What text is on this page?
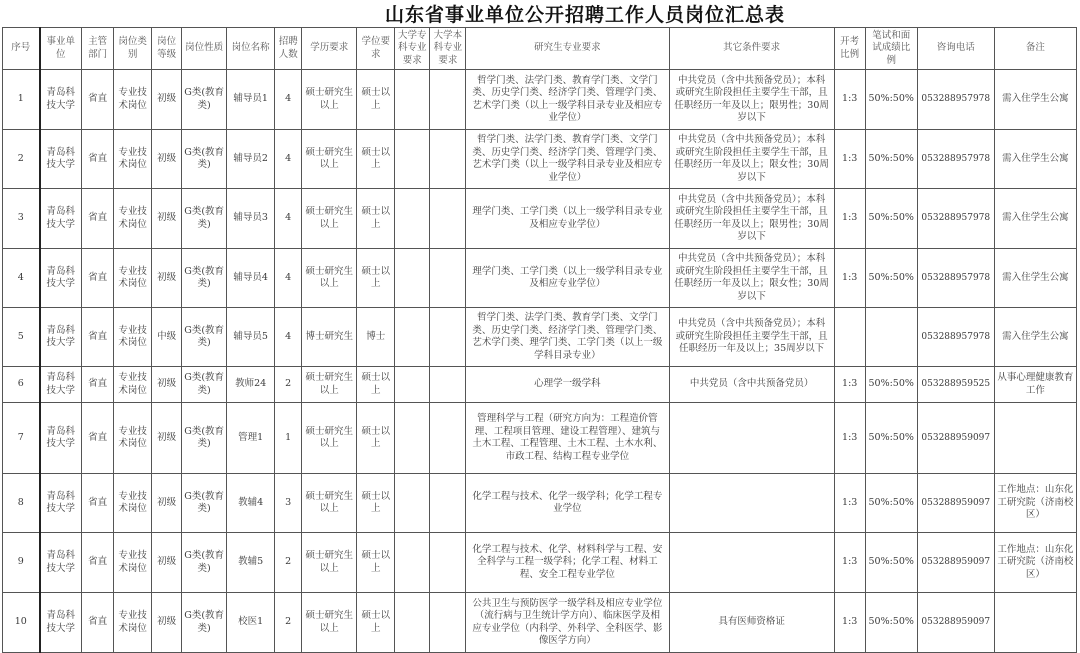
山东省事业单位公开招聘工作人员岗位汇总表
序号	事业单位	主管部门	岗位类别	岗位等级	岗位性质	岗位名称	招聘人数	学历要求	学位要求	大学专科专业要求	大学本科专业要求	研究生专业要求	其它条件要求	开考比例	笔试和面试成绩比例	咨询电话	备注
1	青岛科技大学	省直	专业技术岗位	初级	G类(教育类)	辅导员1	4	硕士研究生以上	硕士以上			哲学门类、法学门类、教育学门类、文学门类、历史学门类、经济学门类、管理学门类、艺术学门类（以上一级学科目录专业及相应专业学位）	中共党员（含中共预备党员）；本科或研究生阶段担任主要学生干部，且任职经历一年及以上；限男性；30周岁以下	1:3	50%:50%	053288957978	需入住学生公寓
2	青岛科技大学	省直	专业技术岗位	初级	G类(教育类)	辅导员2	4	硕士研究生以上	硕士以上			哲学门类、法学门类、教育学门类、文学门类、历史学门类、经济学门类、管理学门类、艺术学门类（以上一级学科目录专业及相应专业学位）	中共党员（含中共预备党员）；本科或研究生阶段担任主要学生干部，且任职经历一年及以上；限女性；30周岁以下	1:3	50%:50%	053288957978	需入住学生公寓
3	青岛科技大学	省直	专业技术岗位	初级	G类(教育类)	辅导员3	4	硕士研究生以上	硕士以上			理学门类、工学门类（以上一级学科目录专业及相应专业学位）	中共党员（含中共预备党员）；本科或研究生阶段担任主要学生干部，且任职经历一年及以上；限男性；30周岁以下	1:3	50%:50%	053288957978	需入住学生公寓
4	青岛科技大学	省直	专业技术岗位	初级	G类(教育类)	辅导员4	4	硕士研究生以上	硕士以上			理学门类、工学门类（以上一级学科目录专业及相应专业学位）	中共党员（含中共预备党员）；本科或研究生阶段担任主要学生干部，且任职经历一年及以上；限女性；30周岁以下	1:3	50%:50%	053288957978	需入住学生公寓
5	青岛科技大学	省直	专业技术岗位	中级	G类(教育类)	辅导员5	4	博士研究生	博士			哲学门类、法学门类、教育学门类、文学门类、历史学门类、经济学门类、管理学门类、艺术学门类、理学门类、工学门类（以上一级学科目录专业）	中共党员（含中共预备党员）；本科或研究生阶段担任主要学生干部，且任职经历一年及以上；35周岁以下			053288957978	需入住学生公寓
6	青岛科技大学	省直	专业技术岗位	初级	G类(教育类)	教师24	2	硕士研究生以上	硕士以上			心理学一级学科	中共党员（含中共预备党员）	1:3	50%:50%	053288959525	从事心理健康教育工作
7	青岛科技大学	省直	专业技术岗位	初级	G类(教育类)	管理1	1	硕士研究生以上	硕士以上			管理科学与工程（研究方向为：工程造价管理、工程项目管理、建设工程管理）、建筑与土木工程、工程管理、土木工程、土木水利、市政工程、结构工程专业学位		1:3	50%:50%	053288959097	
8	青岛科技大学	省直	专业技术岗位	初级	G类(教育类)	教辅4	3	硕士研究生以上	硕士以上			化学工程与技术、化学一级学科；化学工程专业学位		1:3	50%:50%	053288959097	工作地点：山东化工研究院（济南校区）
9	青岛科技大学	省直	专业技术岗位	初级	G类(教育类)	教辅5	2	硕士研究生以上	硕士以上			化学工程与技术、化学、材料科学与工程、安全科学与工程一级学科；化学工程、材料工程、安全工程专业学位		1:3	50%:50%	053288959097	工作地点：山东化工研究院（济南校区）
10	青岛科技大学	省直	专业技术岗位	初级	G类(教育类)	校医1	2	硕士研究生以上	硕士以上			公共卫生与预防医学一级学科及相应专业学位（流行病与卫生统计学方向）、临床医学及相应专业学位（内科学、外科学、全科医学、影像医学方向）	具有医师资格证	1:3	50%:50%	053288959097	
